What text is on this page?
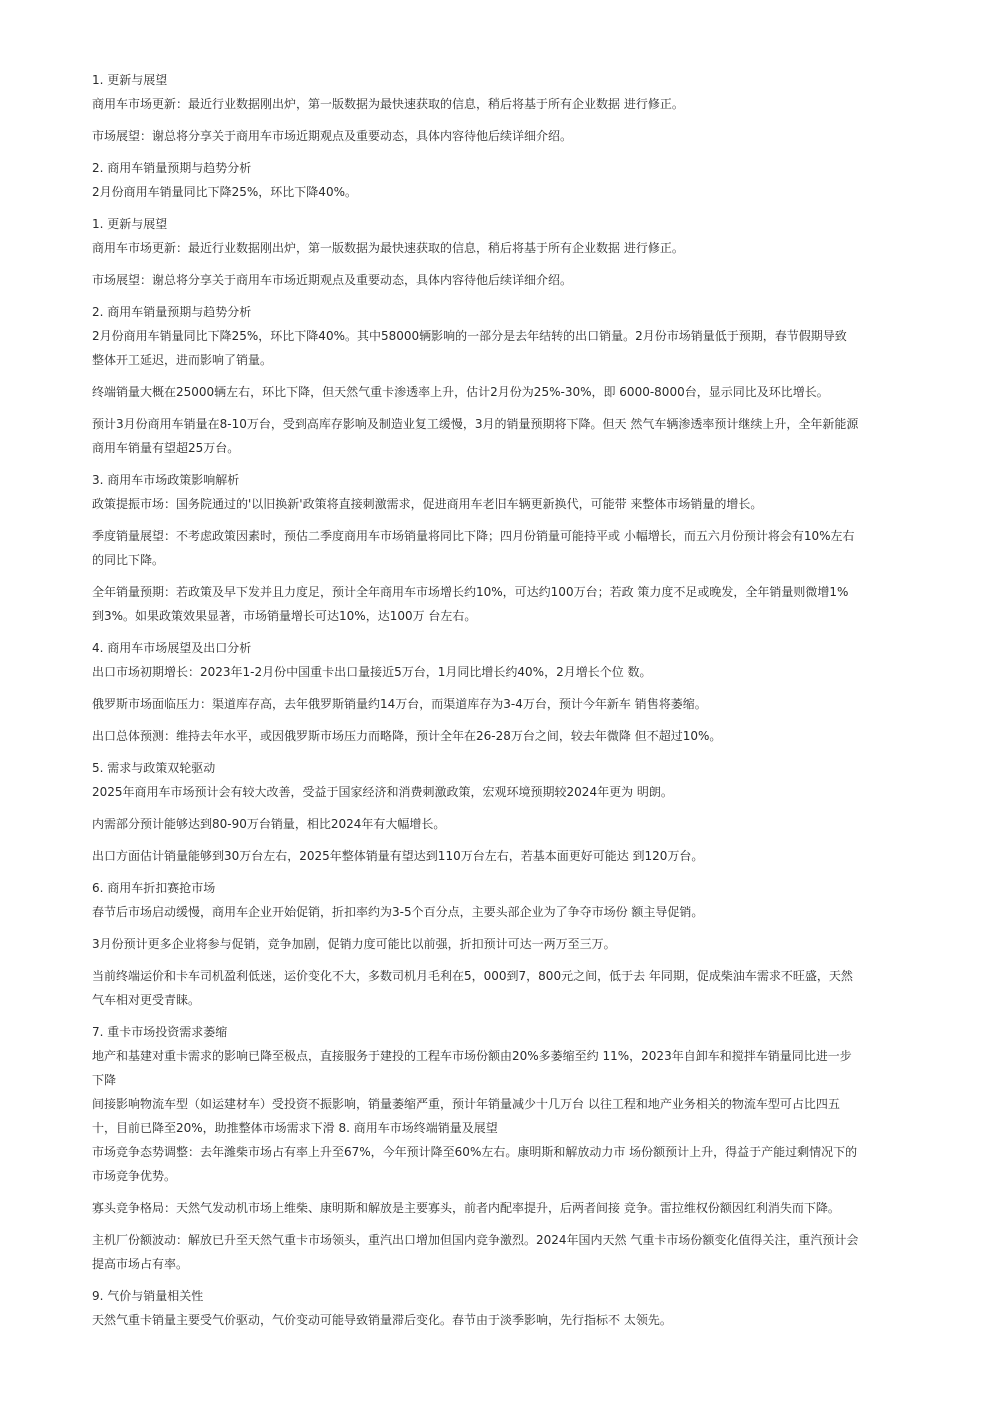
1. 更新与展望
商用车市场更新：最近行业数据刚出炉，第一版数据为最快速获取的信息，稍后将基于所有企业数据 进行修正。
市场展望：谢总将分享关于商用车市场近期观点及重要动态，具体内容待他后续详细介绍。
2. 商用车销量预期与趋势分析
2月份商用车销量同比下降25%，环比下降40%。
1. 更新与展望
商用车市场更新：最近行业数据刚出炉，第一版数据为最快速获取的信息，稍后将基于所有企业数据 进行修正。
市场展望：谢总将分享关于商用车市场近期观点及重要动态，具体内容待他后续详细介绍。
2. 商用车销量预期与趋势分析
2月份商用车销量同比下降25%，环比下降40%。其中58000辆影响的一部分是去年结转的出口销量。2月份市场销量低于预期，春节假期导致
整体开工延迟，进而影响了销量。
终端销量大概在25000辆左右，环比下降，但天然气重卡渗透率上升，估计2月份为25%-30%，即 6000-8000台，显示同比及环比增长。
预计3月份商用车销量在8-10万台，受到高库存影响及制造业复工缓慢，3月的销量预期将下降。但天 然气车辆渗透率预计继续上升，全年新能源
商用车销量有望超25万台。
3. 商用车市场政策影响解析
政策提振市场：国务院通过的'以旧换新'政策将直接刺激需求，促进商用车老旧车辆更新换代，可能带 来整体市场销量的增长。
季度销量展望：不考虑政策因素时，预估二季度商用车市场销量将同比下降；四月份销量可能持平或 小幅增长，而五六月份预计将会有10%左右
的同比下降。
全年销量预期：若政策及早下发并且力度足，预计全年商用车市场增长约10%，可达约100万台；若政 策力度不足或晚发，全年销量则微增1%
到3%。如果政策效果显著，市场销量增长可达10%，达100万 台左右。
4. 商用车市场展望及出口分析
出口市场初期增长：2023年1-2月份中国重卡出口量接近5万台，1月同比增长约40%，2月增长个位 数。
俄罗斯市场面临压力：渠道库存高，去年俄罗斯销量约14万台，而渠道库存为3-4万台，预计今年新车 销售将萎缩。
出口总体预测：维持去年水平，或因俄罗斯市场压力而略降，预计全年在26-28万台之间，较去年微降 但不超过10%。
5. 需求与政策双轮驱动
2025年商用车市场预计会有较大改善，受益于国家经济和消费刺激政策，宏观环境预期较2024年更为 明朗。
内需部分预计能够达到80-90万台销量，相比2024年有大幅增长。
出口方面估计销量能够到30万台左右，2025年整体销量有望达到110万台左右，若基本面更好可能达 到120万台。
6. 商用车折扣赛抢市场
春节后市场启动缓慢，商用车企业开始促销，折扣率约为3-5个百分点，主要头部企业为了争夺市场份 额主导促销。
3月份预计更多企业将参与促销，竞争加剧，促销力度可能比以前强，折扣预计可达一两万至三万。
当前终端运价和卡车司机盈利低迷，运价变化不大，多数司机月毛利在5，000到7，800元之间，低于去 年同期，促成柴油车需求不旺盛，天然
气车相对更受青睐。
7. 重卡市场投资需求萎缩
地产和基建对重卡需求的影响已降至极点，直接服务于建投的工程车市场份额由20%多萎缩至约 11%，2023年自卸车和搅拌车销量同比进一步
下降
间接影响物流车型（如运建材车）受投资不振影响，销量萎缩严重，预计年销量减少十几万台 以往工程和地产业务相关的物流车型可占比四五
十，目前已降至20%，助推整体市场需求下滑 8. 商用车市场终端销量及展望
市场竞争态势调整：去年潍柴市场占有率上升至67%，今年预计降至60%左右。康明斯和解放动力市 场份额预计上升，得益于产能过剩情况下的
市场竞争优势。
寡头竞争格局：天然气发动机市场上维柴、康明斯和解放是主要寡头，前者内配率提升，后两者间接 竞争。雷拉维权份额因红利消失而下降。
主机厂份额波动：解放已升至天然气重卡市场领头，重汽出口增加但国内竞争激烈。2024年国内天然 气重卡市场份额变化值得关注，重汽预计会
提高市场占有率。
9. 气价与销量相关性
天然气重卡销量主要受气价驱动，气价变动可能导致销量滞后变化。春节由于淡季影响，先行指标不 太领先。
